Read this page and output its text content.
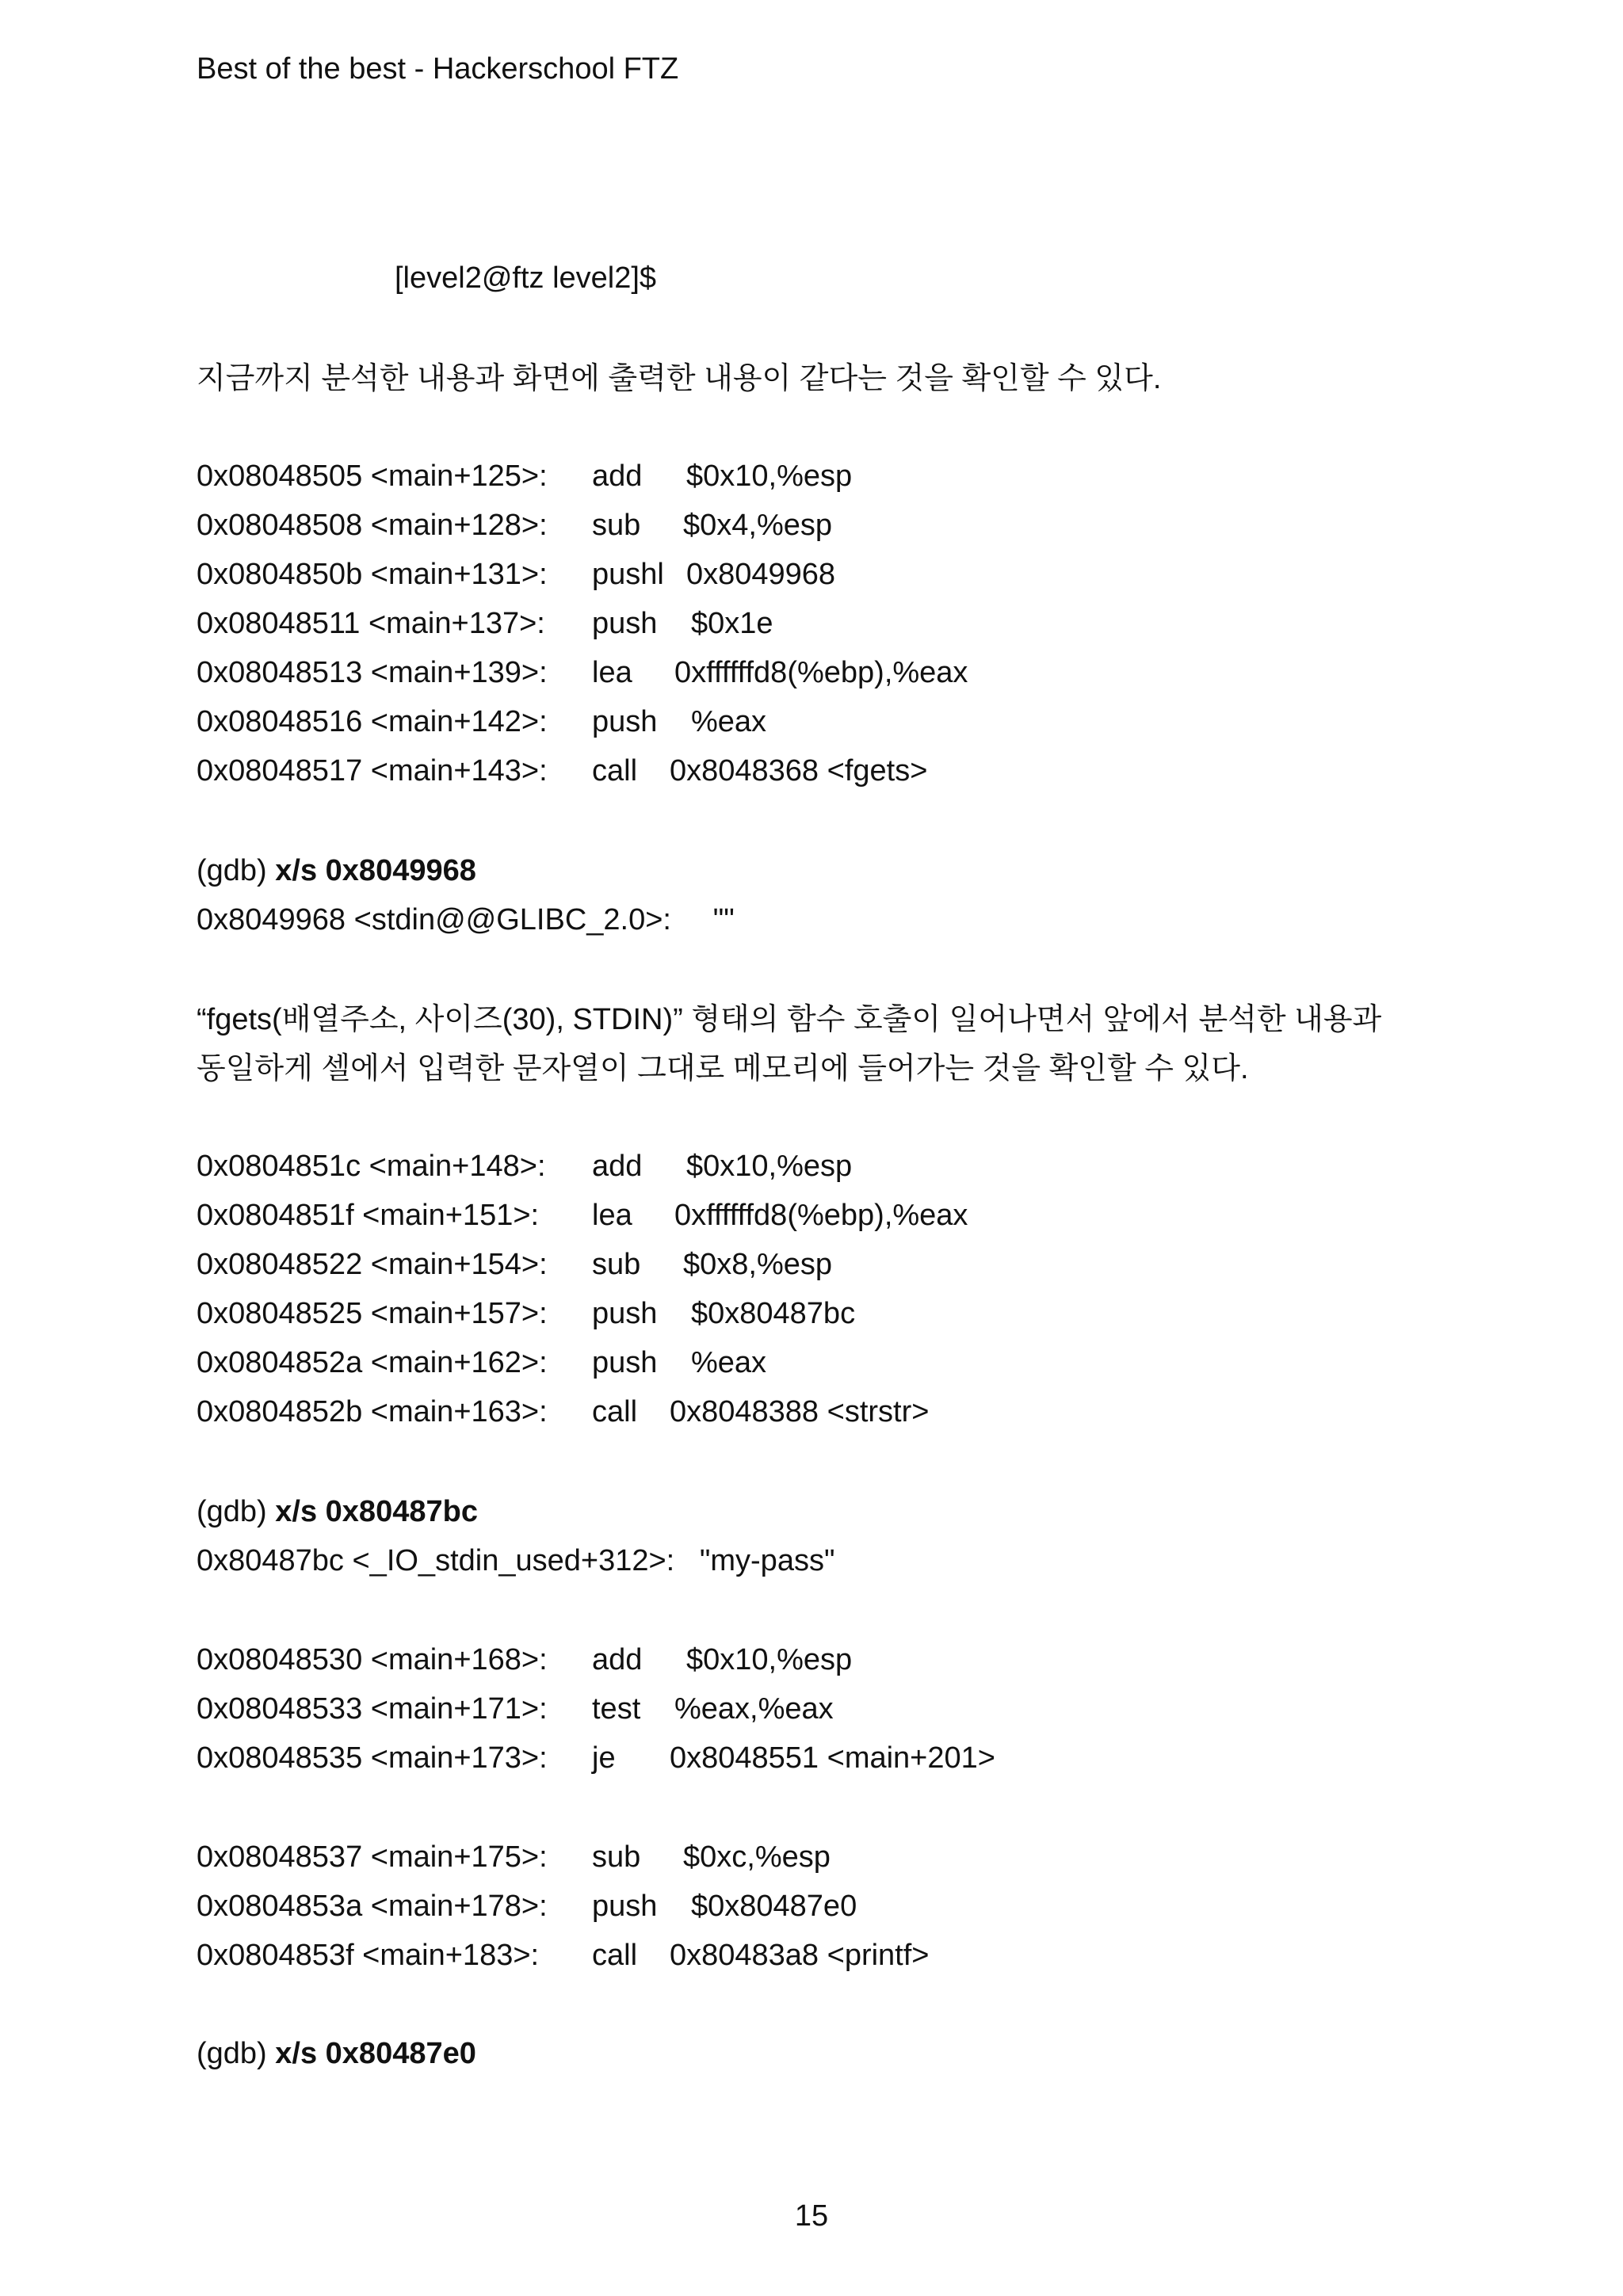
Best of the best - Hackerschool FTZ
[level2@ftz level2]$
지금까지 분석한 내용과 화면에 출력한 내용이 같다는 것을 확인할 수 있다.
0x08048505 <main+125>: add $0x10,%esp
0x08048508 <main+128>: sub $0x4,%esp
0x0804850b <main+131>: pushl 0x8049968
0x08048511 <main+137>: push $0x1e
0x08048513 <main+139>: lea 0xffffffd8(%ebp),%eax
0x08048516 <main+142>: push %eax
0x08048517 <main+143>: call 0x8048368 <fgets>
(gdb) x/s 0x8049968
0x8049968 <stdin@@GLIBC_2.0>:     ""
“fgets(배열주소, 사이즈(30), STDIN)” 형태의 함수 호출이 일어나면서 앞에서 분석한 내용과
동일하게 셀에서 입력한 문자열이 그대로 메모리에 들어가는 것을 확인할 수 있다.
0x0804851c <main+148>: add $0x10,%esp
0x0804851f <main+151>: lea 0xffffffd8(%ebp),%eax
0x08048522 <main+154>: sub $0x8,%esp
0x08048525 <main+157>: push $0x80487bc
0x0804852a <main+162>: push %eax
0x0804852b <main+163>: call 0x8048388 <strstr>
(gdb) x/s 0x80487bc
0x80487bc <_IO_stdin_used+312>:   "my-pass"
0x08048530 <main+168>: add $0x10,%esp
0x08048533 <main+171>: test %eax,%eax
0x08048535 <main+173>: je 0x8048551 <main+201>
0x08048537 <main+175>: sub $0xc,%esp
0x0804853a <main+178>: push $0x80487e0
0x0804853f <main+183>: call 0x80483a8 <printf>
(gdb) x/s 0x80487e0
15
